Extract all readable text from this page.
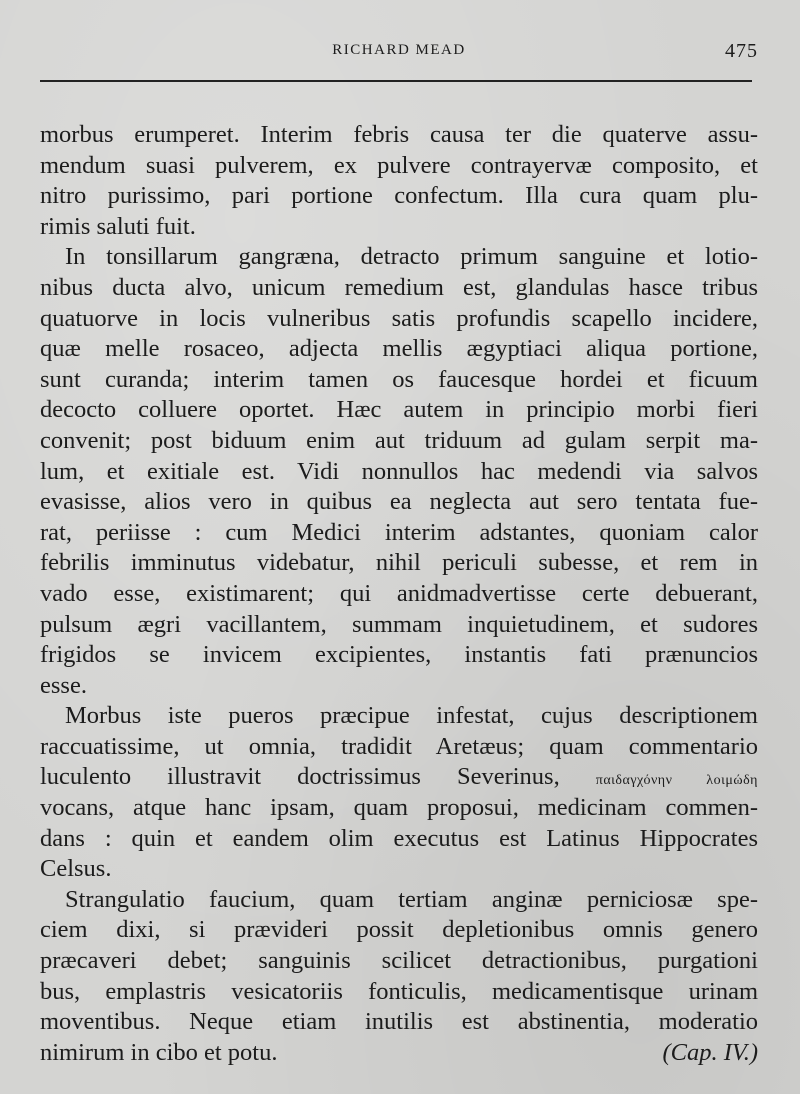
RICHARD MEAD	475
morbus erumperet. Interim febris causa ter die quaterve assu-
mendum suasi pulverem, ex pulvere contrayervæ composito, et
nitro purissimo, pari portione confectum. Illa cura quam plu-
rimis saluti fuit.
In tonsillarum gangræna, detracto primum sanguine et lotio-
nibus ducta alvo, unicum remedium est, glandulas hasce tribus
quatuorve in locis vulneribus satis profundis scapello incidere,
quæ melle rosaceo, adjecta mellis ægyptiaci aliqua portione,
sunt curanda; interim tamen os faucesque hordei et ficuum
decocto colluere oportet. Hæc autem in principio morbi fieri
convenit; post biduum enim aut triduum ad gulam serpit ma-
lum, et exitiale est. Vidi nonnullos hac medendi via salvos
evasisse, alios vero in quibus ea neglecta aut sero tentata fue-
rat, periisse : cum Medici interim adstantes, quoniam calor
febrilis imminutus videbatur, nihil periculi subesse, et rem in
vado esse, existimarent; qui anidmadvertisse certe debuerant,
pulsum ægri vacillantem, summam inquietudinem, et sudores
frigidos se invicem excipientes, instantis fati prænuncios
esse.
Morbus iste pueros præcipue infestat, cujus descriptionem
raccuatissime, ut omnia, tradidit Aretæus; quam commentario
luculento illustravit doctrissimus Severinus,	παιδαγχόνην λοιμώδη
vocans, atque hanc ipsam, quam proposui, medicinam commen-
dans : quin et eandem olim executus est Latinus Hippocrates
Celsus.
Strangulatio faucium, quam tertiam anginæ perniciosæ spe-
ciem dixi, si prævideri possit depletionibus omnis genero
præcaveri debet; sanguinis scilicet detractionibus, purgationi
bus, emplastris vesicatoriis fonticulis, medicamentisque urinam
moventibus. Neque etiam inutilis est abstinentia, moderatio
nimirum in cibo et potu.	(Cap. IV.)
